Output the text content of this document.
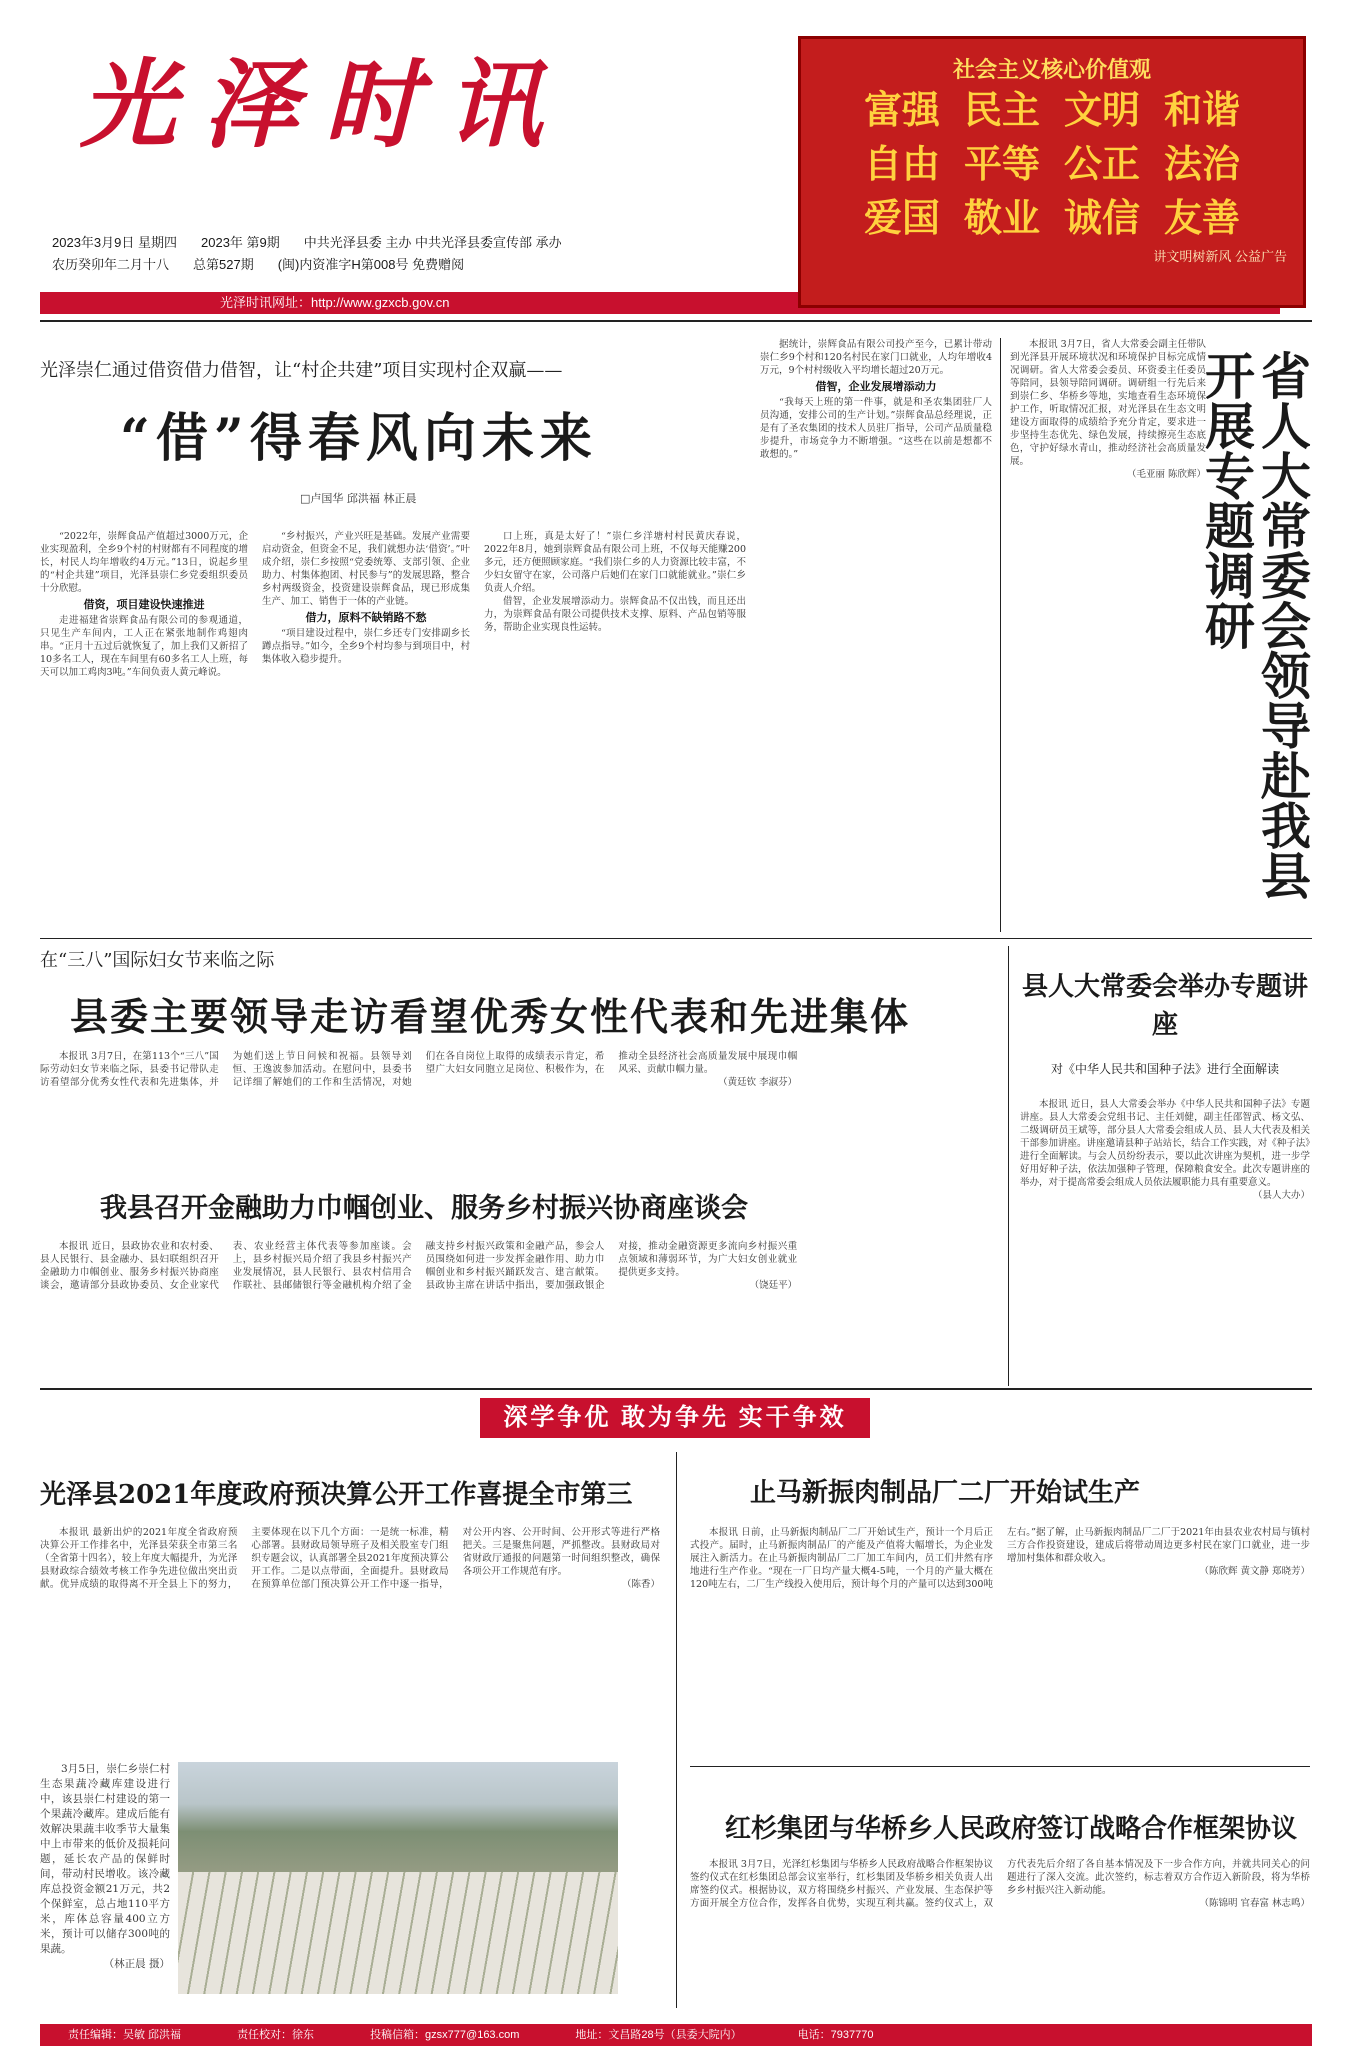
光泽时讯
2023年3月9日 星期四 2023年 第9期 中共光泽县委 主办 中共光泽县委宣传部 承办
农历癸卯年二月十八 总第527期 (闽)内资准字H第008号 免费赠阅
光泽时讯网址：http://www.gzxcb.gov.cn
社会主义核心价值观
富强 民主 文明 和谐
自由 平等 公正 法治
爱国 敬业 诚信 友善
讲文明树新风 公益广告
光泽崇仁通过借资借力借智，让“村企共建”项目实现村企双赢——
“借”得春风向未来
□卢国华 邱洪福 林正晨

“2022年，崇辉食品产值超过3000万元，企业实现盈利，全乡9个村的村财都有不同程度的增长，村民人均年增收约4万元。”13日，说起乡里的“村企共建”项目，光泽县崇仁乡党委组织委员十分欣慰。

借资，项目建设快速推进

走进福建省崇辉食品有限公司的参观通道，只见生产车间内，工人正在紧张地制作鸡翅肉串。“正月十五过后就恢复了，加上我们又新招了10多名工人，现在车间里有60多名工人上班，每天可以加工鸡肉3吨。”车间负责人黄元峰说。

“乡村振兴，产业兴旺是基础。发展产业需要启动资金，但资金不足，我们就想办法‘借资’。”叶成介绍，崇仁乡按照“党委统筹、支部引领、企业助力、村集体抱团、村民参与”的发展思路，整合乡村两级资金，投资建设崇辉食品，现已形成集生产、加工、销售于一体的产业链。

借力，原料不缺销路不愁

“项目建设过程中，崇仁乡还专门安排副乡长蹲点指导。”如今，全乡9个村均参与到项目中，村集体收入稳步提升。

口上班，真是太好了！”崇仁乡洋塘村村民黄庆春说，2022年8月，她到崇辉食品有限公司上班，不仅每天能赚200多元，还方便照顾家庭。“我们崇仁乡的人力资源比较丰富，不少妇女留守在家，公司落户后她们在家门口就能就业。”崇仁乡负责人介绍。

借智，企业发展增添动力。崇辉食品不仅出钱，而且还出力，为崇辉食品有限公司提供技术支撑、原料、产品包销等服务，帮助企业实现良性运转。

据统计，崇辉食品有限公司投产至今，已累计带动崇仁乡9个村和120名村民在家门口就业，人均年增收4万元，9个村村级收入平均增长超过20万元。

借智，企业发展增添动力

“我每天上班的第一件事，就是和圣农集团驻厂人员沟通，安排公司的生产计划。”崇辉食品总经理说，正是有了圣农集团的技术人员驻厂指导，公司产品质量稳步提升，市场竞争力不断增强。“这些在以前是想都不敢想的。”

本报讯 3月7日，省人大常委会副主任带队到光泽县开展环境状况和环境保护目标完成情况调研。省人大常委会委员、环资委主任委员等陪同，县领导陪同调研。调研组一行先后来到崇仁乡、华桥乡等地，实地查看生态环境保护工作，听取情况汇报，对光泽县在生态文明建设方面取得的成绩给予充分肯定，要求进一步坚持生态优先、绿色发展，持续擦亮生态底色，守护好绿水青山，推动经济社会高质量发展。

（毛亚丽 陈欣辉） 省人大常委会领导赴我县开展专题调研
在“三八”国际妇女节来临之际
县委主要领导走访看望优秀女性代表和先进集体

本报讯 3月7日，在第113个“三八”国际劳动妇女节来临之际，县委书记带队走访看望部分优秀女性代表和先进集体，并为她们送上节日问候和祝福。县领导刘恒、王逸波参加活动。在慰问中，县委书记详细了解她们的工作和生活情况，对她们在各自岗位上取得的成绩表示肯定，希望广大妇女同胞立足岗位、积极作为，在推动全县经济社会高质量发展中展现巾帼风采、贡献巾帼力量。

（黄廷钦 李淑芬）

县人大常委会举办专题讲座
对《中华人民共和国种子法》进行全面解读

本报讯 近日，县人大常委会举办《中华人民共和国种子法》专题讲座。县人大常委会党组书记、主任刘健，副主任邵智武、杨文弘、二级调研员王斌等，部分县人大常委会组成人员、县人大代表及相关干部参加讲座。讲座邀请县种子站站长，结合工作实践，对《种子法》进行全面解读。与会人员纷纷表示，要以此次讲座为契机，进一步学好用好种子法，依法加强种子管理，保障粮食安全。此次专题讲座的举办，对于提高常委会组成人员依法履职能力具有重要意义。

（县人大办）

我县召开金融助力巾帼创业、服务乡村振兴协商座谈会

本报讯 近日，县政协农业和农村委、县人民银行、县金融办、县妇联组织召开金融助力巾帼创业、服务乡村振兴协商座谈会，邀请部分县政协委员、女企业家代表、农业经营主体代表等参加座谈。会上，县乡村振兴局介绍了我县乡村振兴产业发展情况，县人民银行、县农村信用合作联社、县邮储银行等金融机构介绍了金融支持乡村振兴政策和金融产品，参会人员围绕如何进一步发挥金融作用、助力巾帼创业和乡村振兴踊跃发言、建言献策。县政协主席在讲话中指出，要加强政银企对接，推动金融资源更多流向乡村振兴重点领域和薄弱环节，为广大妇女创业就业提供更多支持。

（饶廷平）

深学争优 敢为争先 实干争效
光泽县2021年度政府预决算公开工作喜提全市第三

本报讯 最新出炉的2021年度全省政府预决算公开工作排名中，光泽县荣获全市第三名（全省第十四名），较上年度大幅提升，为光泽县财政综合绩效考核工作争先进位做出突出贡献。优异成绩的取得离不开全县上下的努力，主要体现在以下几个方面：一是统一标准，精心部署。县财政局领导班子及相关股室专门组织专题会议，认真部署全县2021年度预决算公开工作。二是以点带面，全面提升。县财政局在预算单位部门预决算公开工作中逐一指导，对公开内容、公开时间、公开形式等进行严格把关。三是聚焦问题，严抓整改。县财政局对省财政厅通报的问题第一时间组织整改，确保各项公开工作规范有序。

（陈香）

3月5日，崇仁乡崇仁村生态果蔬冷藏库建设进行中，该县崇仁村建设的第一个果蔬冷藏库。建成后能有效解决果蔬丰收季节大量集中上市带来的低价及损耗问题，延长农产品的保鲜时间，带动村民增收。该冷藏库总投资金额21万元，共2个保鲜室，总占地110平方米，库体总容量400立方米，预计可以储存300吨的果蔬。

（林正晨 摄）

止马新振肉制品厂二厂开始试生产

本报讯 日前，止马新振肉制品厂二厂开始试生产，预计一个月后正式投产。届时，止马新振肉制品厂的产能及产值将大幅增长，为企业发展注入新活力。在止马新振肉制品厂二厂加工车间内，员工们井然有序地进行生产作业。“现在一厂日均产量大概4-5吨，一个月的产量大概在120吨左右，二厂生产线投入使用后，预计每个月的产量可以达到300吨左右。”据了解，止马新振肉制品厂二厂于2021年由县农业农村局与镇村三方合作投资建设，建成后将带动周边更多村民在家门口就业，进一步增加村集体和群众收入。

（陈欣辉 黄文静 郑晓芳）

红杉集团与华桥乡人民政府签订战略合作框架协议

本报讯 3月7日，光泽红杉集团与华桥乡人民政府战略合作框架协议签约仪式在红杉集团总部会议室举行，红杉集团及华桥乡相关负责人出席签约仪式。根据协议，双方将围绕乡村振兴、产业发展、生态保护等方面开展全方位合作，发挥各自优势，实现互利共赢。签约仪式上，双方代表先后介绍了各自基本情况及下一步合作方向，并就共同关心的问题进行了深入交流。此次签约，标志着双方合作迈入新阶段，将为华桥乡乡村振兴注入新动能。

（陈锦明 官春富 林志鸣）

责任编辑：吴敏 邱洪福	责任校对：徐东	投稿信箱：gzsx777@163.com	地址：文昌路28号（县委大院内）	电话：7937770
